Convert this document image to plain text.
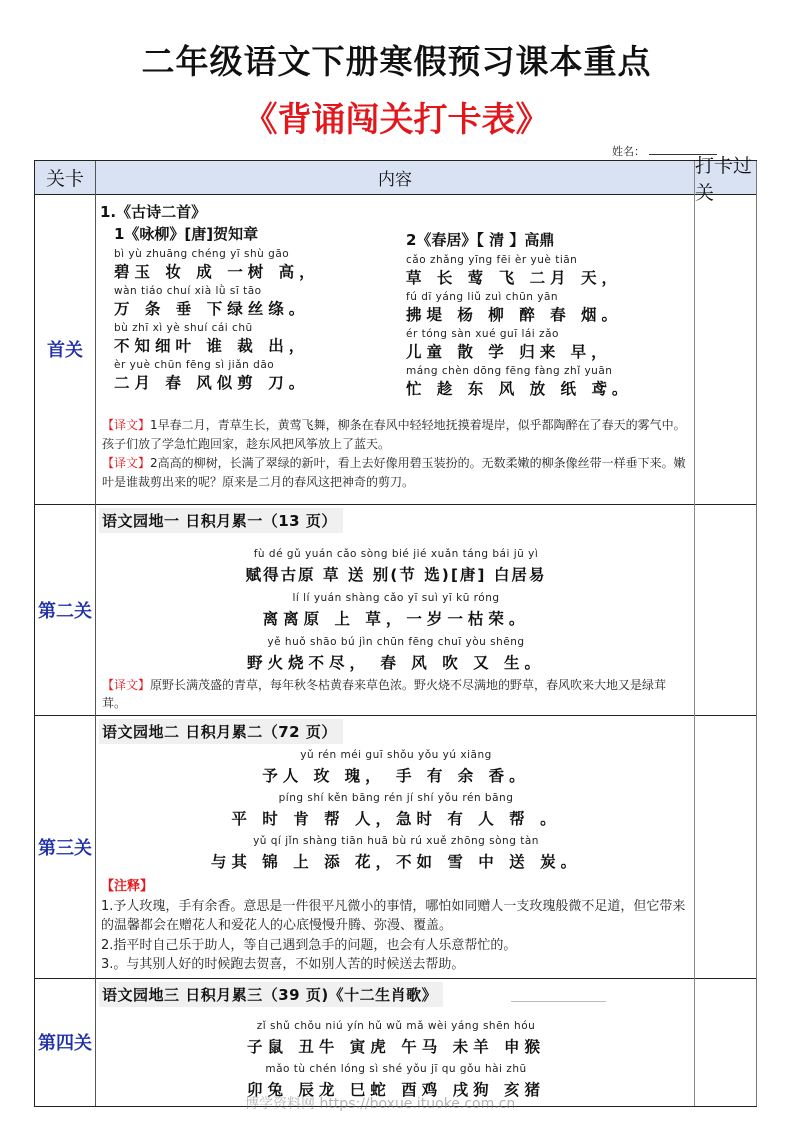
二年级语文下册寒假预习课本重点
《背诵闯关打卡表》
姓名：
关卡	内容
打卡过关
首关
1.《古诗二首》
1《咏柳》[唐]贺知章
bì yù zhuāng chéng yī shù gāo
碧玉 妆 成 一树 高，
wàn tiáo chuí xià lǜ sī tāo
万 条 垂 下绿丝绦。
bù zhī xì yè shuí cái chū
不知细叶 谁 裁 出，
èr yuè chūn fēng sì jiǎn dāo
二月 春 风似剪 刀。
2《春居》【 清 】高鼎
cǎo zhǎng yīng fēi èr yuè tiān
草 长 莺 飞 二月 天，
fú dī yáng liǔ zuì chūn yān
拂堤 杨 柳 醉 春 烟。
ér tóng sàn xué guī lái zǎo
儿童 散 学 归来 早，
máng chèn dōng fēng fàng zhǐ yuān
忙 趁 东 风 放 纸 鸢。
【译文】1早春二月，青草生长，黄莺飞舞，柳条在春风中轻轻地抚摸着堤岸，似乎都陶醉在了春天的雾气中。孩子们放了学急忙跑回家，趁东风把风筝放上了蓝天。
【译文】2高高的柳树，长满了翠绿的新叶，看上去好像用碧玉装扮的。无数柔嫩的柳条像丝带一样垂下来。嫩叶是谁裁剪出来的呢？原来是二月的春风这把神奇的剪刀。
第二关
语文园地一 日积月累一（13 页）
fù dé gǔ yuán cǎo sòng bié jié xuǎn táng bái jū yì
赋得古原 草 送 别(节 选)[唐] 白居易
lí lí yuán shàng cǎo yī suì yī kū róng
离离原 上 草，一岁一枯荣。
yě huǒ shāo bú jìn chūn fēng chuī yòu shēng
野火烧不尽， 春 风 吹 又 生。
【译文】原野长满茂盛的青草，每年秋冬枯黄春来草色浓。野火烧不尽满地的野草，春风吹来大地又是绿茸茸。
第三关
语文园地二 日积月累二（72 页）
yǔ rén méi guī shǒu yǒu yú xiāng
予人 玫 瑰， 手 有 余 香。
píng shí kěn bāng rén jí shí yǒu rén bāng
平 时 肯 帮 人，急时 有 人 帮 。
yǔ qí jǐn shàng tiān huā bù rú xuě zhōng sòng tàn
与其 锦 上 添 花，不如 雪 中 送 炭。
【注释】
1.予人玫瑰，手有余香。意思是一件很平凡微小的事情，哪怕如同赠人一支玫瑰般微不足道，但它带来的温馨都会在赠花人和爱花人的心底慢慢升腾、弥漫、覆盖。
2.指平时自己乐于助人，等自己遇到急手的问题，也会有人乐意帮忙的。
3.。与其别人好的时候跑去贺喜，不如别人苦的时候送去帮助。
第四关
语文园地三 日积月累三（39 页)《十二生肖歌》
zǐ shǔ chǒu niú yín hǔ wǔ mǎ wèi yáng shēn hóu
子鼠 丑牛 寅虎 午马 未羊 申猴
mǎo tù chén lóng sì shé yǒu jī qu gǒu hài zhū
卯兔 辰龙 巳蛇 酉鸡 戌狗 亥猪
博学资料网 https://boxue.ituoke.com.cn
